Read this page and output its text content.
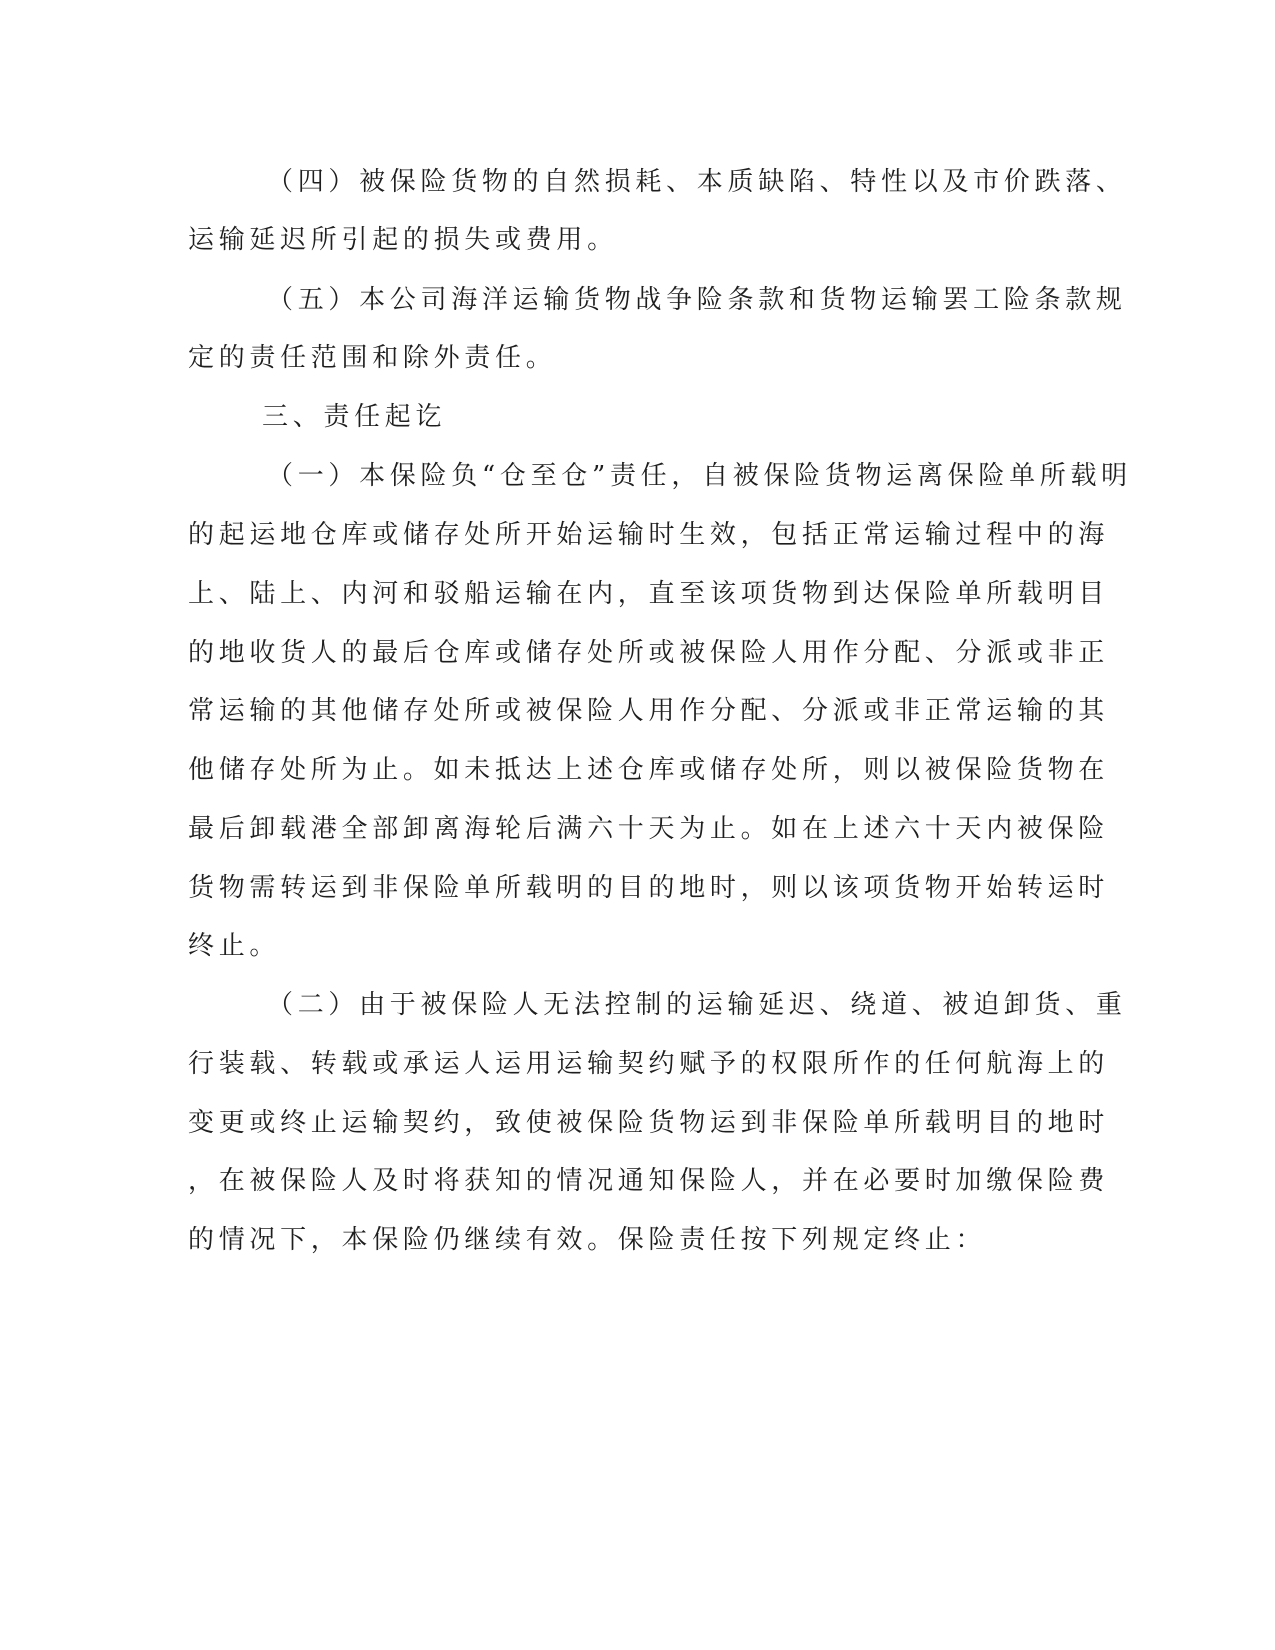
（四）被保险货物的自然损耗、本质缺陷、特性以及市价跌落、
运输延迟所引起的损失或费用。
（五）本公司海洋运输货物战争险条款和货物运输罢工险条款规
定的责任范围和除外责任。
三、责任起讫
（一）本保险负“仓至仓”责任，自被保险货物运离保险单所载明
的起运地仓库或储存处所开始运输时生效，包括正常运输过程中的海
上、陆上、内河和驳船运输在内，直至该项货物到达保险单所载明目
的地收货人的最后仓库或储存处所或被保险人用作分配、分派或非正
常运输的其他储存处所或被保险人用作分配、分派或非正常运输的其
他储存处所为止。如未抵达上述仓库或储存处所，则以被保险货物在
最后卸载港全部卸离海轮后满六十天为止。如在上述六十天内被保险
货物需转运到非保险单所载明的目的地时，则以该项货物开始转运时
终止。
（二）由于被保险人无法控制的运输延迟、绕道、被迫卸货、重
行装载、转载或承运人运用运输契约赋予的权限所作的任何航海上的
变更或终止运输契约，致使被保险货物运到非保险单所载明目的地时
，在被保险人及时将获知的情况通知保险人，并在必要时加缴保险费
的情况下，本保险仍继续有效。保险责任按下列规定终止：
